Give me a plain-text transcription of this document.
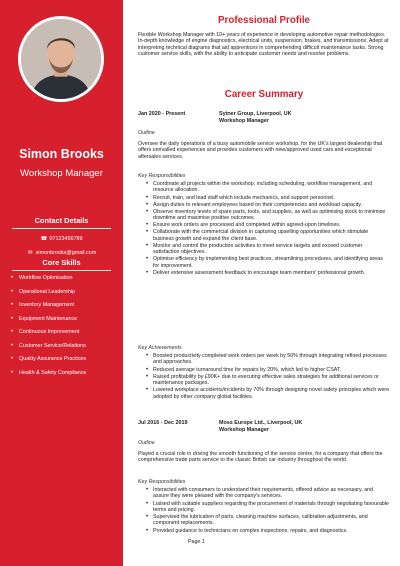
Simon Brooks
Workshop Manager
Contact Details
☎ 07123456789
✉ simonbrooks@gmail.com
Core Skills
• Workflow Optimisation
• Operational Leadership
• Inventory Management
• Equipment Maintenance
• Continuous Improvement
• Customer Service/Relations
• Quality Assurance Practices
• Health & Safety Compliance
Professional Profile
Flexible Workshop Manager with 10+ years of experience in developing automotive repair methodologies. In-depth knowledge of engine diagnostics, electrical units, suspension, brakes, and transmissions. Adept at interpreting technical diagrams that aid apprentices in comprehending difficult maintenance tasks. Strong customer service skills, with the ability to anticipate customer needs and resolve problems.
Career Summary
Jan 2020 - Present	Sytner Group, Liverpool, UK
Workshop Manager
Outline
Oversee the daily operations of a busy automobile service workshop, for the UK's largest dealership that offers unrivalled experiences and provides customers with new/approved used cars and exceptional aftersales services.
Key Responsibilities
• Coordinate all projects within the workshop, including scheduling, workflow management, and resource allocation.
• Recruit, train, and lead staff which include mechanics, and support personnel.
• Assign duties to relevant employees based on their competencies and workload capacity.
• Observe inventory levels of spare parts, tools, and supplies, as well as optimising stock to minimise downtime and maximise positive outcomes.
• Ensure work orders are processed and completed within agreed-upon timelines.
• Collaborate with the commercial division in capturing upselling opportunities which stimulate business growth and expand the client base.
• Monitor and control the production activities to meet service targets and exceed customer satisfaction objectives.
• Optimise efficiency by implementing best practices, streamlining procedures, and identifying areas for improvement.
• Deliver extensive assessment feedback to encourage team members' professional growth.
Key Achievements
• Boosted productivity completed work orders per week by 50% through integrating refined processes and approaches.
• Reduced average turnaround time for repairs by 20%, which led to higher CSAT.
• Raised profitability by £90K+ due to executing effective sales strategies for additional services or maintenance packages.
• Lowered workplace accidents/incidents by 70% through designing novel safety principles which were adopted by other company global facilities.
Jul 2016 - Dec 2019	Moss Europe Ltd., Liverpool, UK
Workshop Manager
Outline
Played a crucial role in driving the smooth functioning of the service centre, for a company that offers the comprehensive trade parts service to the classic British car industry throughout the world.
Key Responsibilities
• Interacted with consumers to understand their requirements, offered advice as necessary, and assure they were pleased with the company's services.
• Liaised with suitable suppliers regarding the procurement of materials through negotiating favourable terms and pricing.
• Supervised the lubrication of parts, cleaning machine surfaces, calibration adjustments, and component replacements.
• Provided guidance to technicians on complex inspections, repairs, and diagnostics.
Page 1
